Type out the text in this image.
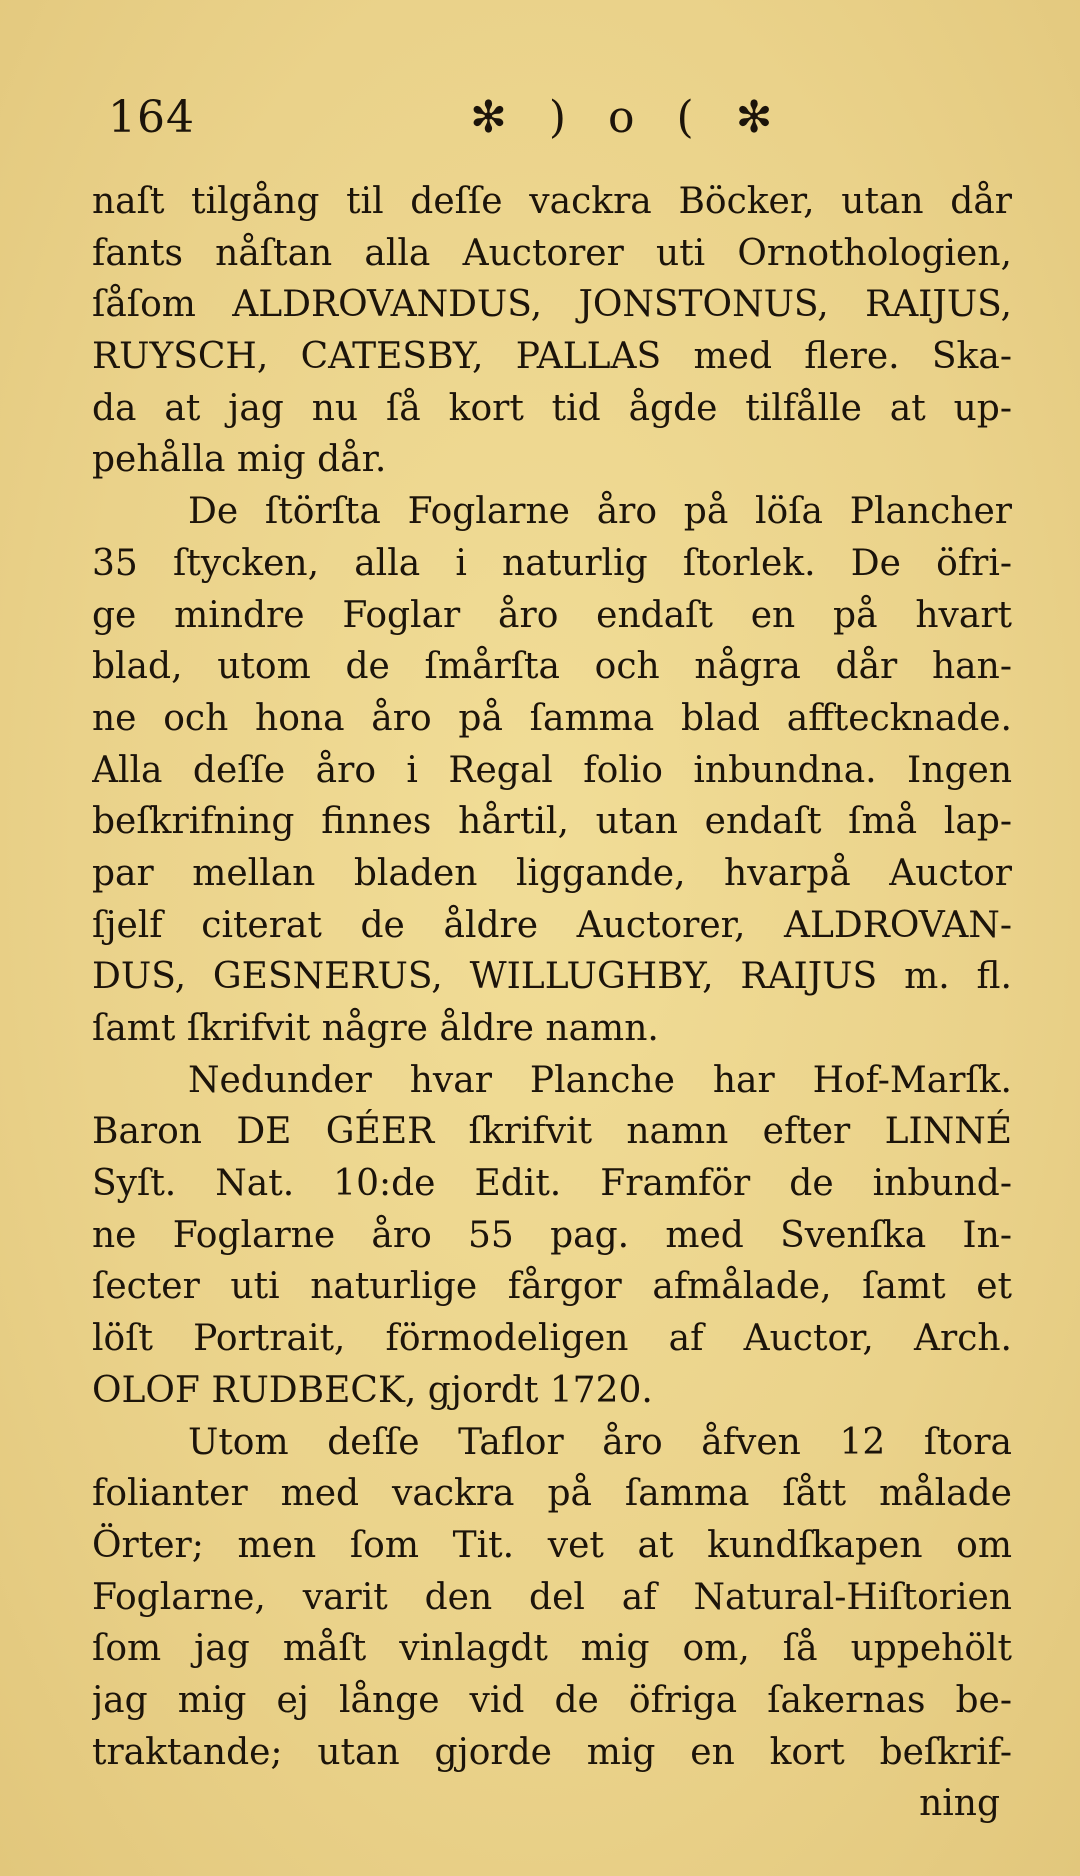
164	✻ ) o ( ✻
naſt tilgång til deſſe vackra Böcker, utan dår
fants nåſtan alla Auctorer uti Ornothologien,
ſåſom ALDROVANDUS, JONSTONUS, RAIJUS,
RUYSCH, CATESBY, PALLAS med flere. Ska-
da at jag nu ſå kort tid ågde tilfålle at up-
pehålla mig dår.
De ſtörſta Foglarne åro på löſa Plancher
35 ſtycken, alla i naturlig ſtorlek. De öfri-
ge mindre Foglar åro endaſt en på hvart
blad, utom de ſmårſta och några dår han-
ne och hona åro på ſamma blad afftecknade.
Alla deſſe åro i Regal folio inbundna. Ingen
beſkrifning finnes hårtil, utan endaſt ſmå lap-
par mellan bladen liggande, hvarpå Auctor
ſjelf citerat de åldre Auctorer, ALDROVAN-
DUS, GESNERUS, WILLUGHBY, RAIJUS m. fl.
ſamt ſkrifvit någre åldre namn.
Nedunder hvar Planche har Hof-Marſk.
Baron DE GÉER ſkrifvit namn efter LINNÉ
Syſt. Nat. 10:de Edit. Framför de inbund-
ne Foglarne åro 55 pag. med Svenſka In-
ſecter uti naturlige fårgor afmålade, ſamt et
löſt Portrait, förmodeligen af Auctor, Arch.
OLOF RUDBECK, gjordt 1720.
Utom deſſe Taflor åro åfven 12 ſtora
folianter med vackra på ſamma ſått målade
Örter; men ſom Tit. vet at kundſkapen om
Foglarne, varit den del af Natural-Hiſtorien
ſom jag måſt vinlagdt mig om, ſå uppehölt
jag mig ej långe vid de öfriga ſakernas be-
traktande; utan gjorde mig en kort beſkrif-
ning
